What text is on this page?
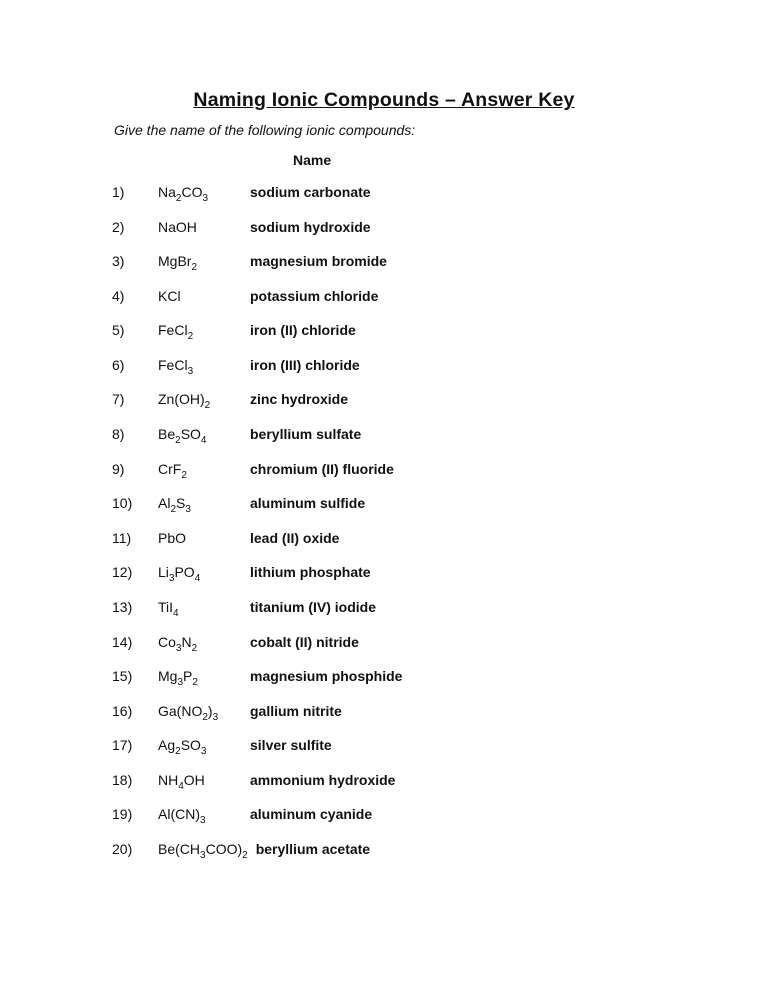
Naming Ionic Compounds – Answer Key

Give the name of the following ionic compounds:

Name
1)	$Na_2CO_3$	sodium carbonate
2)	NaOH	sodium hydroxide
3)	MgBr$_2$	magnesium bromide
4)	KCl	potassium chloride
5)	FeCl$_2$	iron (II) chloride
6)	FeCl$_3$	iron (III) chloride
7)	$Zn(OH)_2$	zinc hydroxide
8)	$Be_2SO_4$	beryllium sulfate
9)	CrF$_2$	chromium (II) fluoride
10)	$Al_2S_3$	aluminum sulfide
11)	PbO	lead (II) oxide
12)	$Li_3PO_4$	lithium phosphate
13)	TiI$_4$	titanium (IV) iodide
14)	$Co_3N_2$	cobalt (II) nitride
15)	$Mg_3P_2$	magnesium phosphide
16)	$Ga(NO_2)_3$	gallium nitrite
17)	$Ag_2SO_3$	silver sulfite
18)	$NH_4OH$	ammonium hydroxide
19)	$Al(CN)_3$	aluminum cyanide
20)	$Be(CH_3COO)_2$ beryllium acetate
